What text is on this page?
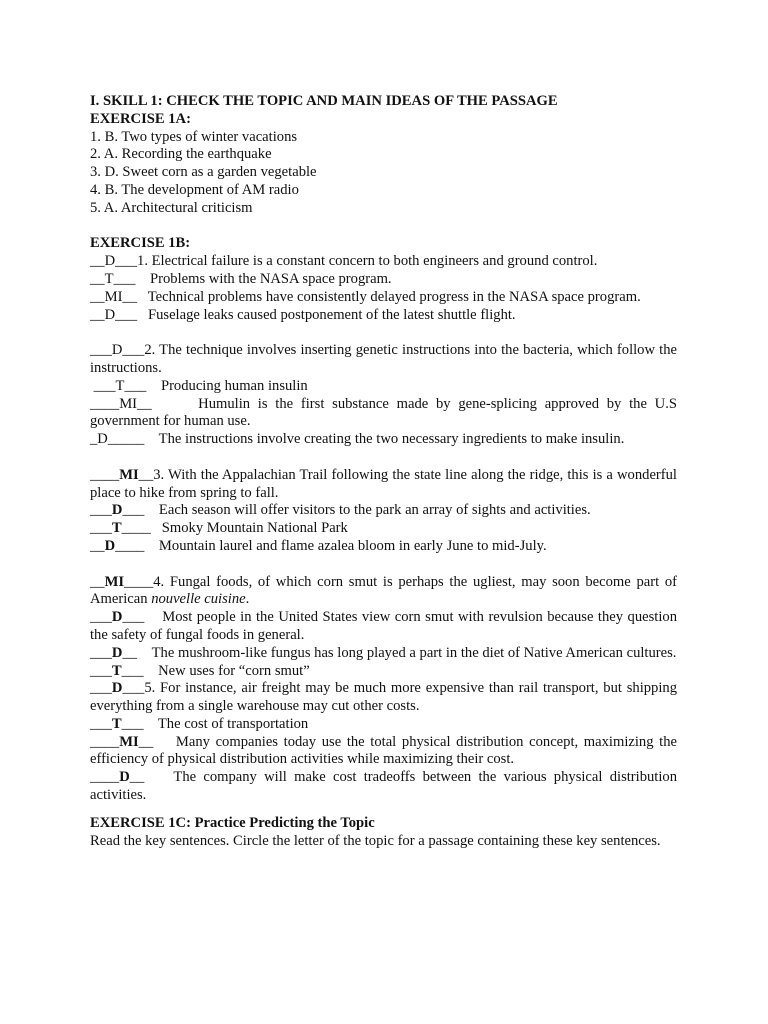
I. SKILL 1: CHECK THE TOPIC AND MAIN IDEAS OF THE PASSAGE
EXERCISE 1A:
1. B. Two types of winter vacations
2. A. Recording the earthquake
3. D. Sweet corn as a garden vegetable
4. B. The development of AM radio
5. A. Architectural criticism
EXERCISE 1B:
__D___1. Electrical failure is a constant concern to both engineers and ground control.
__T___ Problems with the NASA space program.
__MI__ Technical problems have consistently delayed progress in the NASA space program.
__D___ Fuselage leaks caused postponement of the latest shuttle flight.
___D___2. The technique involves inserting genetic instructions into the bacteria, which follow the instructions.
___T___ Producing human insulin
____MI__	Humulin is the first substance made by gene-splicing approved by the U.S government for human use.
_D_____ The instructions involve creating the two necessary ingredients to make insulin.
____MI__3. With the Appalachian Trail following the state line along the ridge, this is a wonderful place to hike from spring to fall.
___D___ Each season will offer visitors to the park an array of sights and activities.
___T____ Smoky Mountain National Park
__D____ Mountain laurel and flame azalea bloom in early June to mid-July.
__MI____4. Fungal foods, of which corn smut is perhaps the ugliest, may soon become part of American nouvelle cuisine.
___D___ Most people in the United States view corn smut with revulsion because they question the safety of fungal foods in general.
___D__ The mushroom-like fungus has long played a part in the diet of Native American cultures.
___T___ New uses for “corn smut”
___D___5. For instance, air freight may be much more expensive than rail transport, but shipping everything from a single warehouse may cut other costs.
___T___ The cost of transportation
____MI__ Many companies today use the total physical distribution concept, maximizing the efficiency of physical distribution activities while maximizing their cost.
____D__ The company will make cost tradeoffs between the various physical distribution activities.
EXERCISE 1C: Practice Predicting the Topic
Read the key sentences. Circle the letter of the topic for a passage containing these key sentences.
